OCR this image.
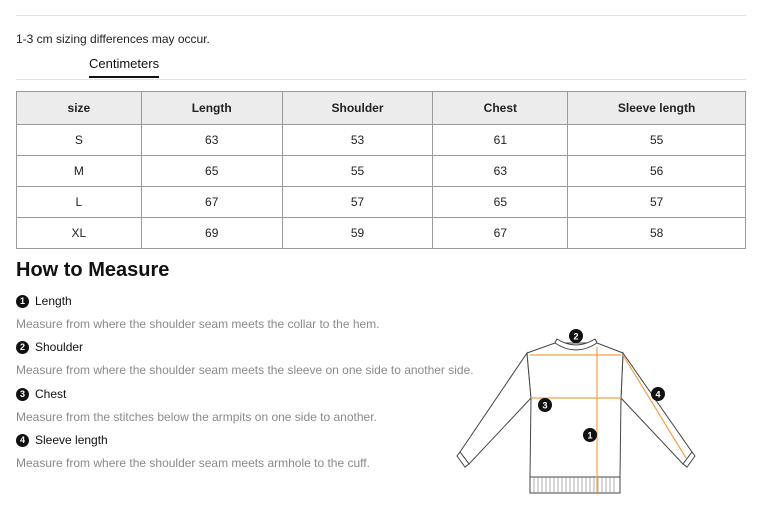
1-3 cm sizing differences may occur.
Centimeters
size	Length	Shoulder	Chest	Sleeve length
S	63	53	61	55
M	65	55	63	56
L	67	57	65	57
XL	69	59	67	58
How to Measure
1 Length
Measure from where the shoulder seam meets the collar to the hem.
2 Shoulder
Measure from where the shoulder seam meets the sleeve on one side to another side.
3 Chest
Measure from the stitches below the armpits on one side to another.
4 Sleeve length
Measure from where the shoulder seam meets armhole to the cuff.
2
3
1
4
